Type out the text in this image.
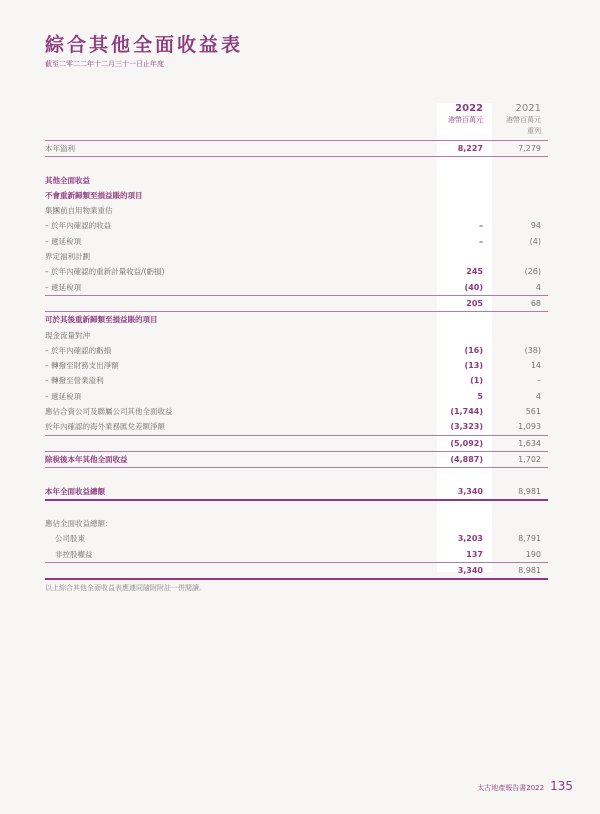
綜合其他全面收益表
截至二零二二年十二月三十一日止年度
2022
港幣百萬元
2021
港幣百萬元
重列
本年溢利	8,227	7,279
其他全面收益
不會重新歸類至損益賬的項目
集團前自用物業重估
– 於年內確認的收益	–	94
– 遞延稅項	–	(4)
界定福利計劃
– 於年內確認的重新計量收益/(虧損)	245	(26)
– 遞延稅項	(40)	4
205	68
可於其後重新歸類至損益賬的項目
現金流量對沖
– 於年內確認的虧損	(16)	(38)
– 轉撥至財務支出淨額	(13)	14
– 轉撥至營業溢利	(1)	–
– 遞延稅項	5	4
應佔合資公司及聯屬公司其他全面收益	(1,744)	561
於年內確認的海外業務匯兌差額淨額	(3,323)	1,093
(5,092)	1,634
除稅後本年其他全面收益	(4,887)	1,702
本年全面收益總額	3,340	8,981
應佔全面收益總額：
公司股東	3,203	8,791
非控股權益	137	190
3,340	8,981
以上綜合其他全面收益表應連同隨附附註一併閱讀。
太古地產報告書2022 135
